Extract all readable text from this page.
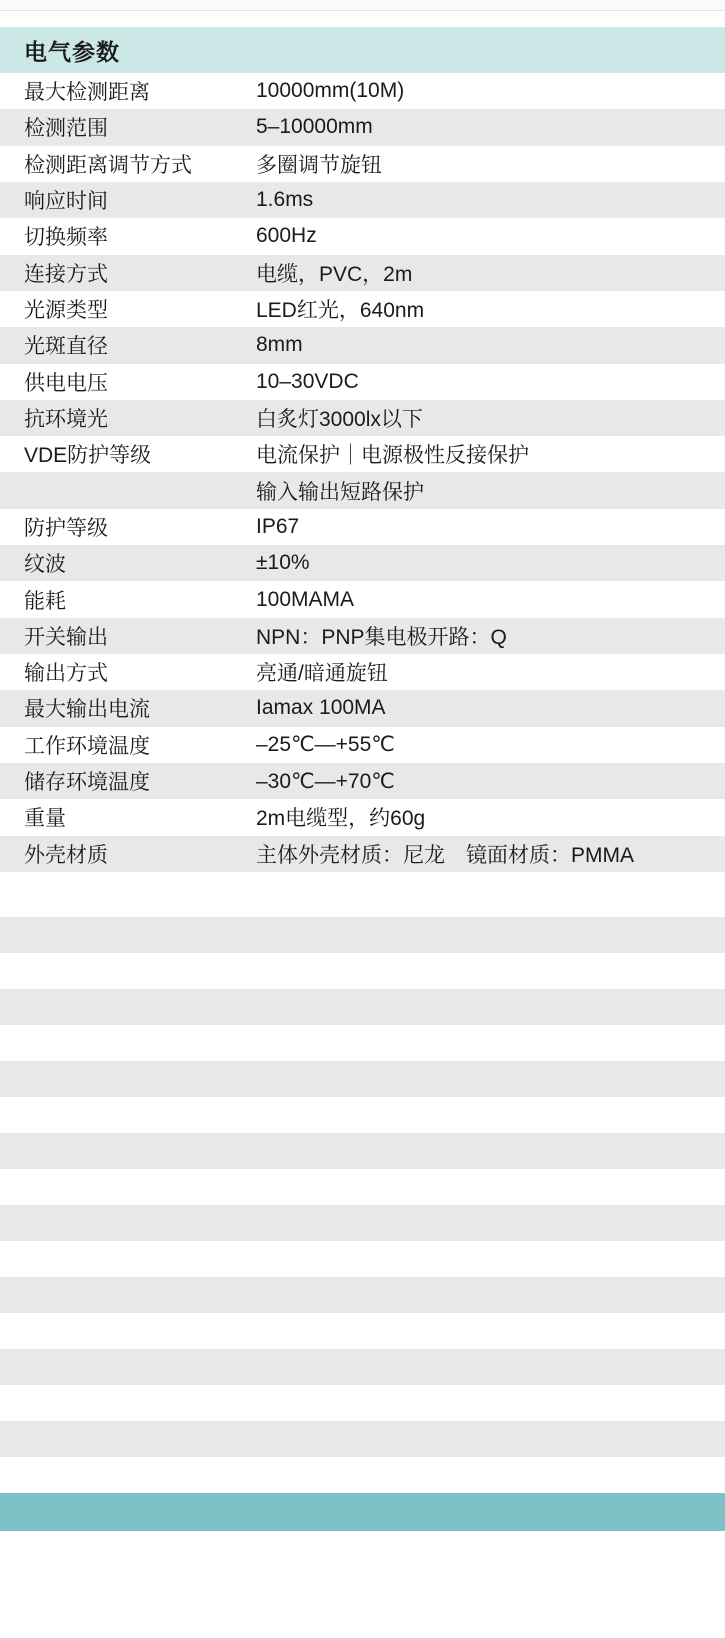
电气参数
最大检测距离	10000mm(10M)
检测范围	5–10000mm
检测距离调节方式	多圈调节旋钮
响应时间	1.6ms
切换频率	600Hz
连接方式	电缆，PVC，2m
光源类型	LED红光，640nm
光斑直径	8mm
供电电压	10–30VDC
抗环境光	白炙灯3000lx以下
VDE防护等级	电流保护｜电源极性反接保护
输入输出短路保护
防护等级	IP67
纹波	±10%
能耗	100MAMA
开关输出	NPN：PNP集电极开路：Q
输出方式	亮通/暗通旋钮
最大输出电流	Iamax 100MA
工作环境温度	–25℃—+55℃
储存环境温度	–30℃—+70℃
重量	2m电缆型，约60g
外壳材质	主体外壳材质：尼龙　镜面材质：PMMA
